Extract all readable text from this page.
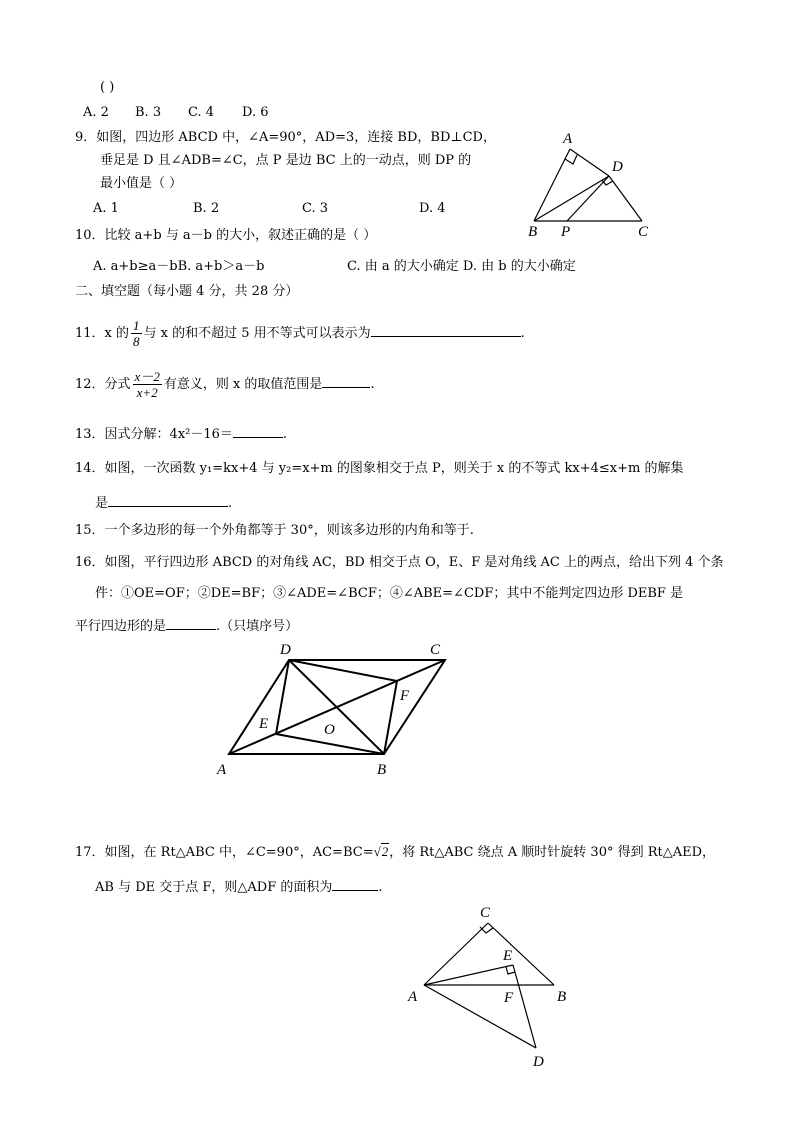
( )
A. 2 B. 3 C. 4 D. 6
9．如图，四边形 ABCD 中，∠A=90°，AD=3，连接 BD，BD⊥CD，
垂足是 D 且∠ADB=∠C，点 P 是边 BC 上的一动点，则 DP 的
最小值是（ ）
A. 1	B. 2	C. 3	D. 4
A
D
B P	C
10．比较 a+b 与 a－b 的大小，叙述正确的是（ ）
A. a+b≥a－bB. a+b＞a－b	C. 由 a 的大小确定 D. 由 b 的大小确定
二、填空题（每小题 4 分，共 28 分）
11．x 的 $\frac{1}{8}$ 与 x 的和不超过 5 用不等式可以表示为	.
12．分式 $\frac{x-2}{x+2}$ 有意义，则 x 的取值范围是	.
13．因式分解：4x²－16＝	.
14．如图，一次函数 y₁=kx+4 与 y₂=x+m 的图象相交于点 P，则关于 x 的不等式 kx+4≤x+m 的解集
是	.
15．一个多边形的每一个外角都等于 30°，则该多边形的内角和等于.
16．如图，平行四边形 ABCD 的对角线 AC，BD 相交于点 O，E、F 是对角线 AC 上的两点，给出下列 4 个条
件：①OE=OF；②DE=BF；③∠ADE=∠BCF；④∠ABE=∠CDF；其中不能判定四边形 DEBF 是
平行四边形的是	.（只填序号）
D	C
F
E	O
A	B
17．如图，在 Rt△ABC 中，∠C=90°，AC=BC=√2，将 Rt△ABC 绕点 A 顺时针旋转 30° 得到 Rt△AED，
AB 与 DE 交于点 F，则△ADF 的面积为	.
C
E
A	F	B
D
